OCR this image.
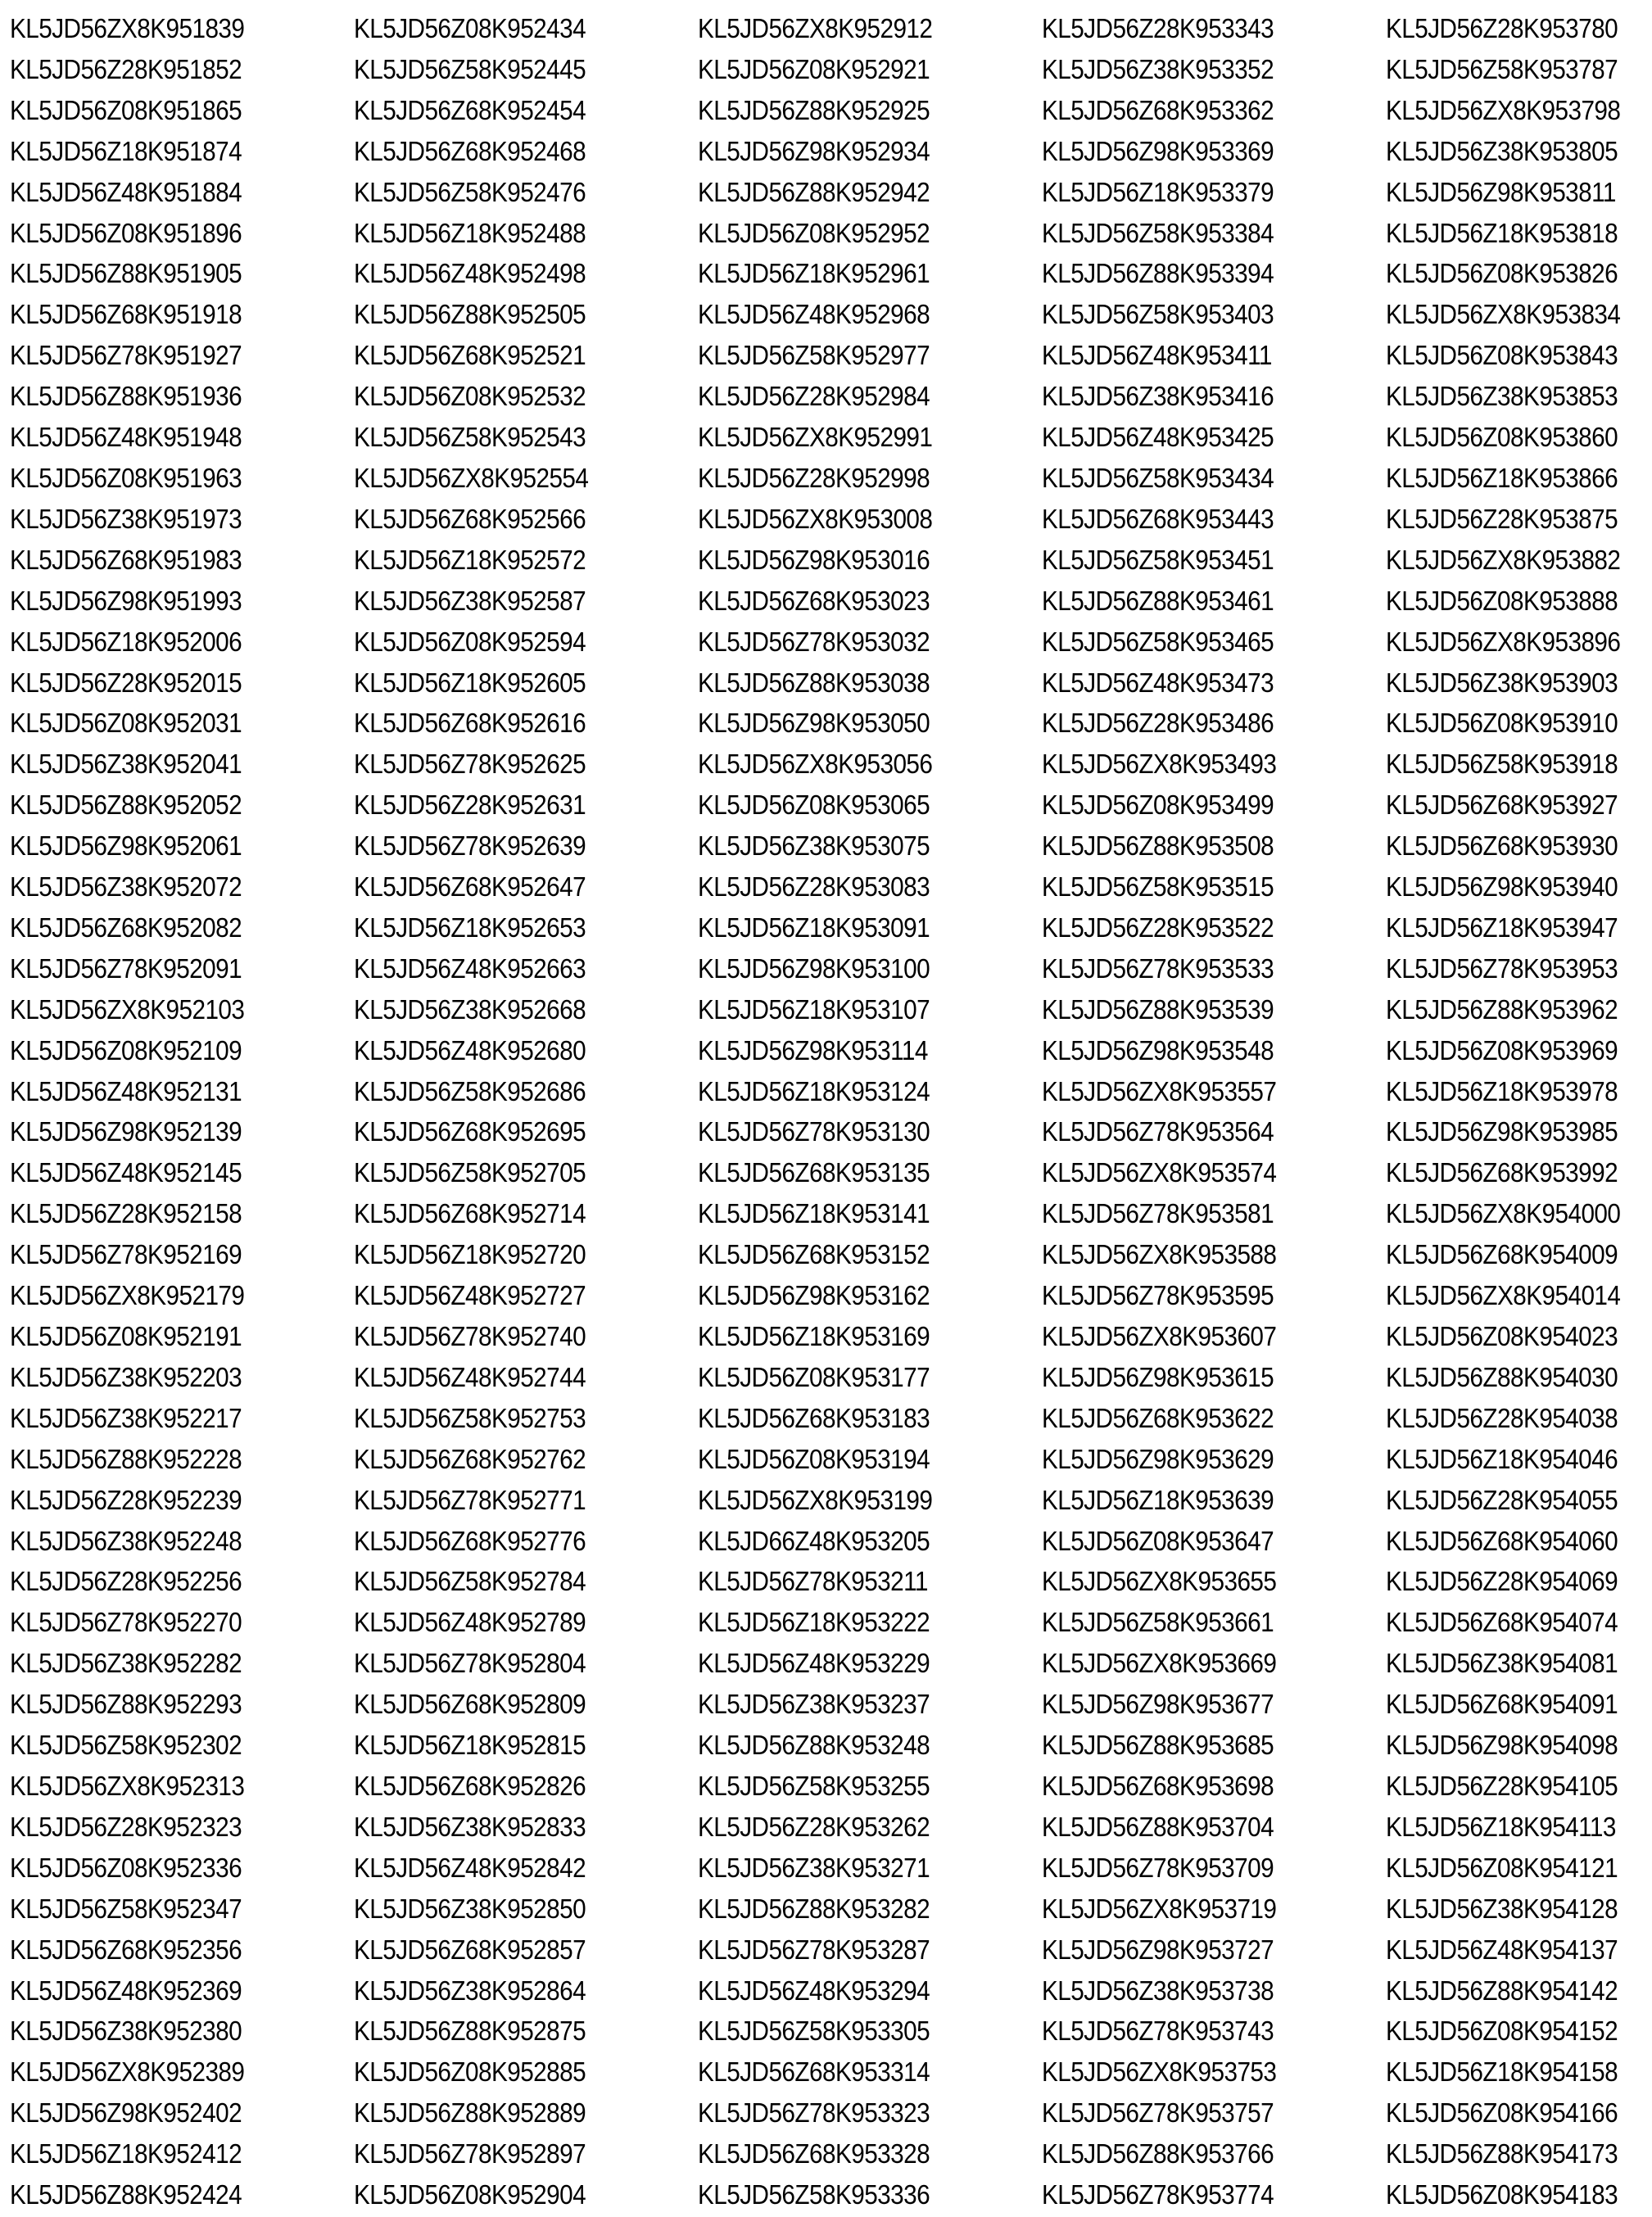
KL5JD56ZX8K951839
KL5JD56Z28K951852
KL5JD56Z08K951865
KL5JD56Z18K951874
KL5JD56Z48K951884
KL5JD56Z08K951896
KL5JD56Z88K951905
KL5JD56Z68K951918
KL5JD56Z78K951927
KL5JD56Z88K951936
KL5JD56Z48K951948
KL5JD56Z08K951963
KL5JD56Z38K951973
KL5JD56Z68K951983
KL5JD56Z98K951993
KL5JD56Z18K952006
KL5JD56Z28K952015
KL5JD56Z08K952031
KL5JD56Z38K952041
KL5JD56Z88K952052
KL5JD56Z98K952061
KL5JD56Z38K952072
KL5JD56Z68K952082
KL5JD56Z78K952091
KL5JD56ZX8K952103
KL5JD56Z08K952109
KL5JD56Z48K952131
KL5JD56Z98K952139
KL5JD56Z48K952145
KL5JD56Z28K952158
KL5JD56Z78K952169
KL5JD56ZX8K952179
KL5JD56Z08K952191
KL5JD56Z38K952203
KL5JD56Z38K952217
KL5JD56Z88K952228
KL5JD56Z28K952239
KL5JD56Z38K952248
KL5JD56Z28K952256
KL5JD56Z78K952270
KL5JD56Z38K952282
KL5JD56Z88K952293
KL5JD56Z58K952302
KL5JD56ZX8K952313
KL5JD56Z28K952323
KL5JD56Z08K952336
KL5JD56Z58K952347
KL5JD56Z68K952356
KL5JD56Z48K952369
KL5JD56Z38K952380
KL5JD56ZX8K952389
KL5JD56Z98K952402
KL5JD56Z18K952412
KL5JD56Z88K952424
KL5JD56Z08K952434
KL5JD56Z58K952445
KL5JD56Z68K952454
KL5JD56Z68K952468
KL5JD56Z58K952476
KL5JD56Z18K952488
KL5JD56Z48K952498
KL5JD56Z88K952505
KL5JD56Z68K952521
KL5JD56Z08K952532
KL5JD56Z58K952543
KL5JD56ZX8K952554
KL5JD56Z68K952566
KL5JD56Z18K952572
KL5JD56Z38K952587
KL5JD56Z08K952594
KL5JD56Z18K952605
KL5JD56Z68K952616
KL5JD56Z78K952625
KL5JD56Z28K952631
KL5JD56Z78K952639
KL5JD56Z68K952647
KL5JD56Z18K952653
KL5JD56Z48K952663
KL5JD56Z38K952668
KL5JD56Z48K952680
KL5JD56Z58K952686
KL5JD56Z68K952695
KL5JD56Z58K952705
KL5JD56Z68K952714
KL5JD56Z18K952720
KL5JD56Z48K952727
KL5JD56Z78K952740
KL5JD56Z48K952744
KL5JD56Z58K952753
KL5JD56Z68K952762
KL5JD56Z78K952771
KL5JD56Z68K952776
KL5JD56Z58K952784
KL5JD56Z48K952789
KL5JD56Z78K952804
KL5JD56Z68K952809
KL5JD56Z18K952815
KL5JD56Z68K952826
KL5JD56Z38K952833
KL5JD56Z48K952842
KL5JD56Z38K952850
KL5JD56Z68K952857
KL5JD56Z38K952864
KL5JD56Z88K952875
KL5JD56Z08K952885
KL5JD56Z88K952889
KL5JD56Z78K952897
KL5JD56Z08K952904
KL5JD56ZX8K952912
KL5JD56Z08K952921
KL5JD56Z88K952925
KL5JD56Z98K952934
KL5JD56Z88K952942
KL5JD56Z08K952952
KL5JD56Z18K952961
KL5JD56Z48K952968
KL5JD56Z58K952977
KL5JD56Z28K952984
KL5JD56ZX8K952991
KL5JD56Z28K952998
KL5JD56ZX8K953008
KL5JD56Z98K953016
KL5JD56Z68K953023
KL5JD56Z78K953032
KL5JD56Z88K953038
KL5JD56Z98K953050
KL5JD56ZX8K953056
KL5JD56Z08K953065
KL5JD56Z38K953075
KL5JD56Z28K953083
KL5JD56Z18K953091
KL5JD56Z98K953100
KL5JD56Z18K953107
KL5JD56Z98K953114
KL5JD56Z18K953124
KL5JD56Z78K953130
KL5JD56Z68K953135
KL5JD56Z18K953141
KL5JD56Z68K953152
KL5JD56Z98K953162
KL5JD56Z18K953169
KL5JD56Z08K953177
KL5JD56Z68K953183
KL5JD56Z08K953194
KL5JD56ZX8K953199
KL5JD66Z48K953205
KL5JD56Z78K953211
KL5JD56Z18K953222
KL5JD56Z48K953229
KL5JD56Z38K953237
KL5JD56Z88K953248
KL5JD56Z58K953255
KL5JD56Z28K953262
KL5JD56Z38K953271
KL5JD56Z88K953282
KL5JD56Z78K953287
KL5JD56Z48K953294
KL5JD56Z58K953305
KL5JD56Z68K953314
KL5JD56Z78K953323
KL5JD56Z68K953328
KL5JD56Z58K953336
KL5JD56Z28K953343
KL5JD56Z38K953352
KL5JD56Z68K953362
KL5JD56Z98K953369
KL5JD56Z18K953379
KL5JD56Z58K953384
KL5JD56Z88K953394
KL5JD56Z58K953403
KL5JD56Z48K953411
KL5JD56Z38K953416
KL5JD56Z48K953425
KL5JD56Z58K953434
KL5JD56Z68K953443
KL5JD56Z58K953451
KL5JD56Z88K953461
KL5JD56Z58K953465
KL5JD56Z48K953473
KL5JD56Z28K953486
KL5JD56ZX8K953493
KL5JD56Z08K953499
KL5JD56Z88K953508
KL5JD56Z58K953515
KL5JD56Z28K953522
KL5JD56Z78K953533
KL5JD56Z88K953539
KL5JD56Z98K953548
KL5JD56ZX8K953557
KL5JD56Z78K953564
KL5JD56ZX8K953574
KL5JD56Z78K953581
KL5JD56ZX8K953588
KL5JD56Z78K953595
KL5JD56ZX8K953607
KL5JD56Z98K953615
KL5JD56Z68K953622
KL5JD56Z98K953629
KL5JD56Z18K953639
KL5JD56Z08K953647
KL5JD56ZX8K953655
KL5JD56Z58K953661
KL5JD56ZX8K953669
KL5JD56Z98K953677
KL5JD56Z88K953685
KL5JD56Z68K953698
KL5JD56Z88K953704
KL5JD56Z78K953709
KL5JD56ZX8K953719
KL5JD56Z98K953727
KL5JD56Z38K953738
KL5JD56Z78K953743
KL5JD56ZX8K953753
KL5JD56Z78K953757
KL5JD56Z88K953766
KL5JD56Z78K953774
KL5JD56Z28K953780
KL5JD56Z58K953787
KL5JD56ZX8K953798
KL5JD56Z38K953805
KL5JD56Z98K953811
KL5JD56Z18K953818
KL5JD56Z08K953826
KL5JD56ZX8K953834
KL5JD56Z08K953843
KL5JD56Z38K953853
KL5JD56Z08K953860
KL5JD56Z18K953866
KL5JD56Z28K953875
KL5JD56ZX8K953882
KL5JD56Z08K953888
KL5JD56ZX8K953896
KL5JD56Z38K953903
KL5JD56Z08K953910
KL5JD56Z58K953918
KL5JD56Z68K953927
KL5JD56Z68K953930
KL5JD56Z98K953940
KL5JD56Z18K953947
KL5JD56Z78K953953
KL5JD56Z88K953962
KL5JD56Z08K953969
KL5JD56Z18K953978
KL5JD56Z98K953985
KL5JD56Z68K953992
KL5JD56ZX8K954000
KL5JD56Z68K954009
KL5JD56ZX8K954014
KL5JD56Z08K954023
KL5JD56Z88K954030
KL5JD56Z28K954038
KL5JD56Z18K954046
KL5JD56Z28K954055
KL5JD56Z68K954060
KL5JD56Z28K954069
KL5JD56Z68K954074
KL5JD56Z38K954081
KL5JD56Z68K954091
KL5JD56Z98K954098
KL5JD56Z28K954105
KL5JD56Z18K954113
KL5JD56Z08K954121
KL5JD56Z38K954128
KL5JD56Z48K954137
KL5JD56Z88K954142
KL5JD56Z08K954152
KL5JD56Z18K954158
KL5JD56Z08K954166
KL5JD56Z88K954173
KL5JD56Z08K954183
